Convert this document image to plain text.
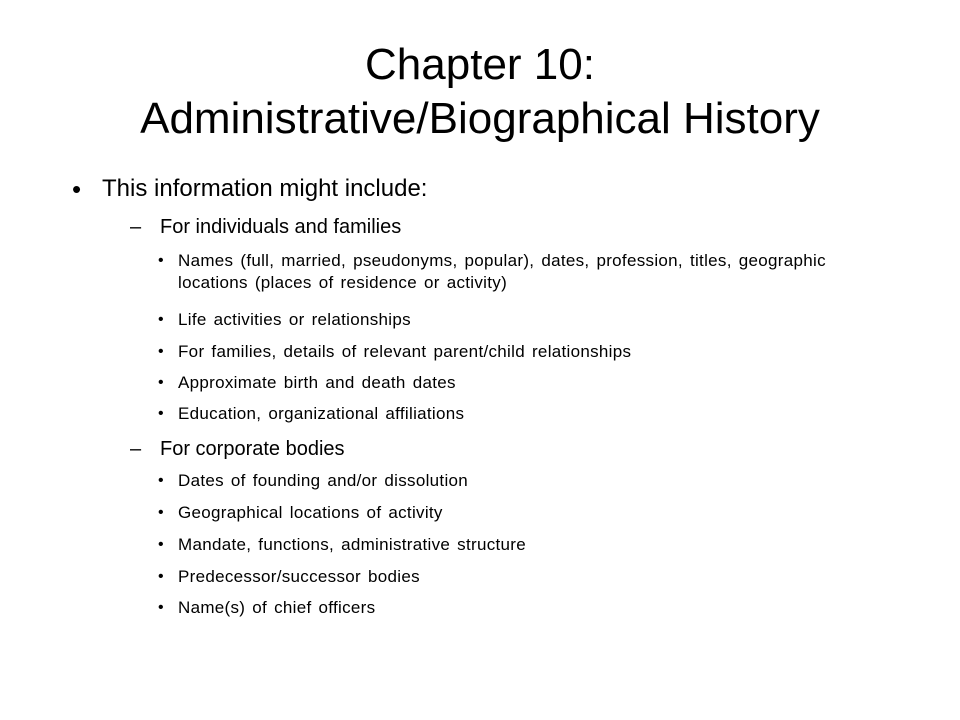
Chapter 10:
Administrative/Biographical History
• This information might include:
– For individuals and families
• Names (full, married, pseudonyms, popular), dates, profession, titles, geographic locations (places of residence or activity)
• Life activities or relationships
• For families, details of relevant parent/child relationships
• Approximate birth and death dates
• Education, organizational affiliations
– For corporate bodies
• Dates of founding and/or dissolution
• Geographical locations of activity
• Mandate, functions, administrative structure
• Predecessor/successor bodies
• Name(s) of chief officers
